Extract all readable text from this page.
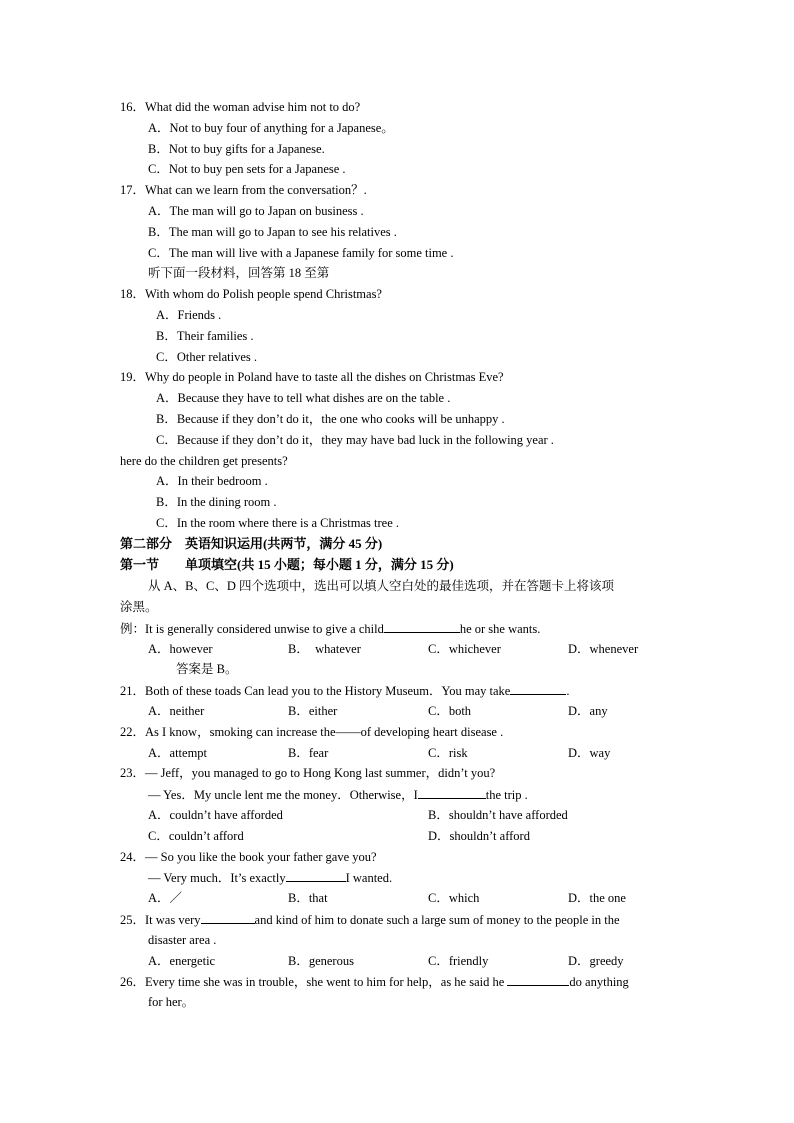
16．What did the woman advise him not to do?
A．Not to buy four of anything for a Japanese。
B．Not to buy gifts for a Japanese.
C．Not to buy pen sets for a Japanese .
17．What can we learn from the conversation？.
A．The man will go to Japan on business .
B．The man will go to Japan to see his relatives .
C．The man will live with a Japanese family for some time .
听下面一段材料，回答第 18 至第
18．With whom do Polish people spend Christmas?
A．Friends .
B．Their families .
C．Other relatives .
19．Why do people in Poland have to taste all the dishes on Christmas Eve?
A．Because they have to tell what dishes are on the table .
B．Because if they don’t do it，the one who cooks will be unhappy .
C．Because if they don’t do it，they may have bad luck in the following year .
here do the children get presents?
A．In their bedroom .
B．In the dining room .
C．In the room where there is a Christmas tree .
第二部分　英语知识运用(共两节，满分 45 分)
第一节　　单项填空(共 15 小题；每小题 1 分，满分 15 分)
从 A、B、C、D 四个选项中，选出可以填人空白处的最佳选项，并在答题卡上将该项
涂黑。
例：It is generally considered unwise to give a child	he or she wants.
A．however	B．　whatever	C．whichever	D．whenever
答案是 B。
21．Both of these toads Can lead you to the History Museum．You may take	.
A．neither	B．either	C．both	D．any
22．As I know，smoking can increase the——of developing heart disease .
A．attempt	B．fear	C．risk	D．way
23．— Jeff，you managed to go to Hong Kong last summer，didn’t you?
— Yes．My uncle lent me the money．Otherwise，I	the trip .
A．couldn’t have afforded	B．shouldn’t have afforded
C．couldn’t afford	D．shouldn’t afford
24．— So you like the book your father gave you?
— Very much．It’s exactly	I wanted.
A．／	B．that	C．which	D．the one
25．It was very	and kind of him to donate such a large sum of money to the people in the
disaster area .
A．energetic	B．generous	C．friendly	D．greedy
26．Every time she was in trouble，she went to him for help，as he said he	do anything
for her。
